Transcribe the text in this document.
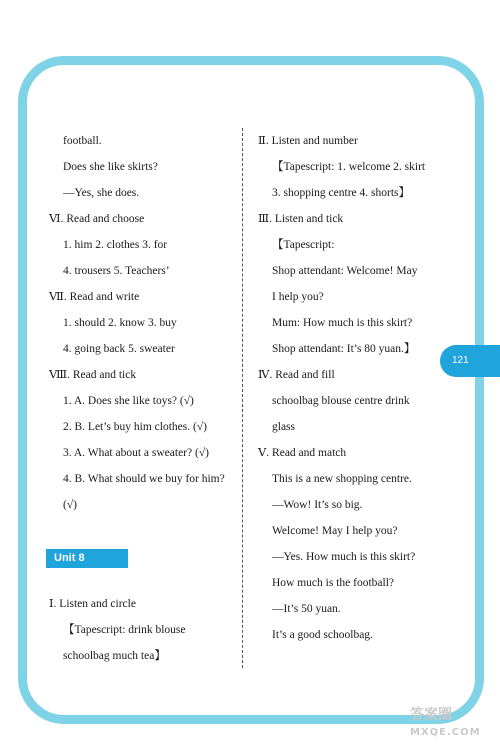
football.
Does she like skirts?
—Yes, she does.
Ⅵ. Read and choose
1. him 2. clothes 3. for
4. trousers 5. Teachers’
Ⅶ. Read and write
1. should 2. know 3. buy
4. going back 5. sweater
Ⅷ. Read and tick
1. A. Does she like toys? (√)
2. B. Let’s buy him clothes. (√)
3. A. What about a sweater? (√)
4. B. What should we buy for him?
(√)
Ⅰ. Listen and circle
【Tapescript: drink blouse
schoolbag much tea】
Ⅱ. Listen and number
【Tapescript: 1. welcome 2. skirt
3. shopping centre 4. shorts】
Ⅲ. Listen and tick
【Tapescript:
Shop attendant: Welcome! May
I help you?
Mum: How much is this skirt?
Shop attendant: It’s 80 yuan.】
Ⅳ. Read and fill
schoolbag blouse centre drink
glass
Ⅴ. Read and match
This is a new shopping centre.
—Wow! It’s so big.
Welcome! May I help you?
—Yes. How much is this skirt?
How much is the football?
—It’s 50 yuan.
It’s a good schoolbag.
Unit 8
121
答案圈
MXQE.COM
